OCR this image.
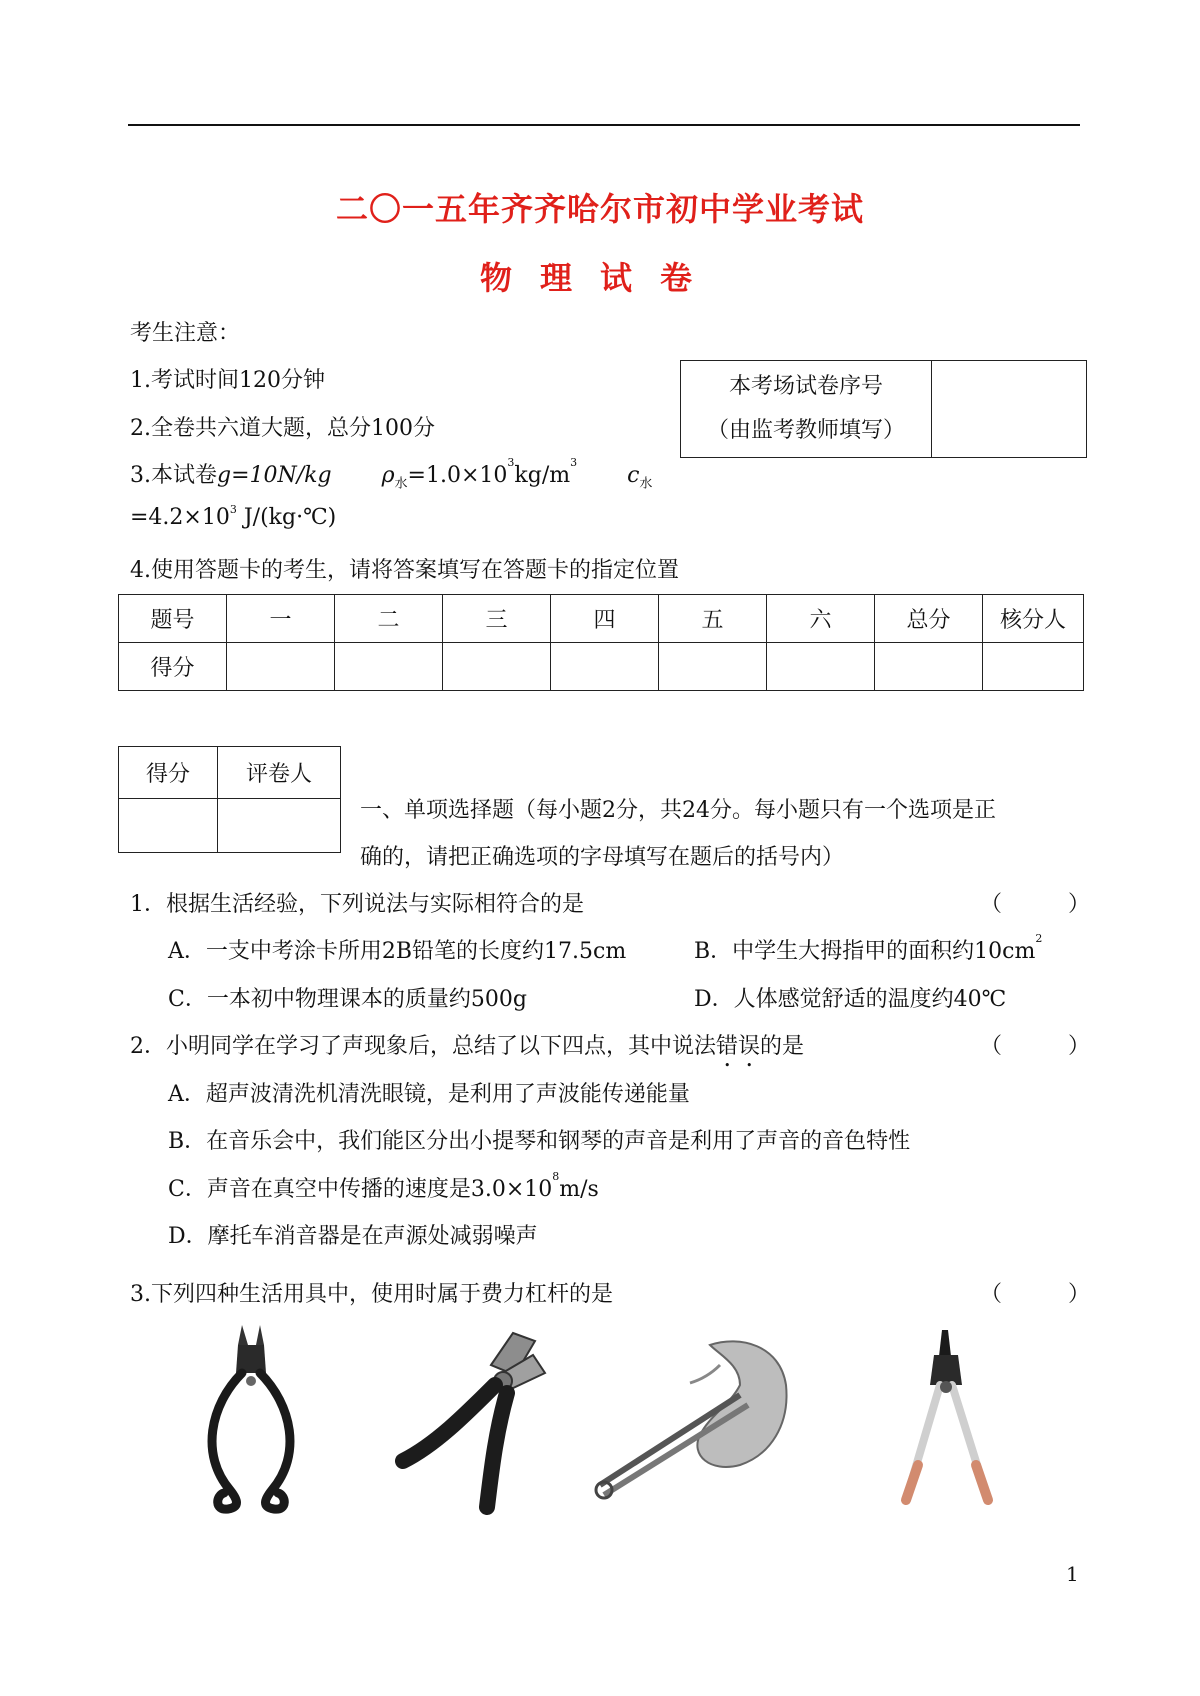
二〇一五年齐齐哈尔市初中学业考试
物理试卷
考生注意：
1.考试时间120分钟
2.全卷共六道大题，总分100分
3.本试卷g=10N/kg $\rho_水=1.0\times 10^3kg/m^3$  $c_水$
$=4.2\times 10^3$ J/(kg·℃)
4.使用答题卡的考生，请将答案填写在答题卡的指定位置
本考场试卷序号
（由监考教师填写）

题号	一	二	三	四	五	六	总分	核分人
得分								
得分	评卷人

一、单项选择题（每小题2分，共24分。每小题只有一个选项是正
确的，请把正确选项的字母填写在题后的括号内）
1．根据生活经验，下列说法与实际相符合的是	（　　　）
A．一支中考涂卡所用2B铅笔的长度约17.5cm	B．中学生大拇指甲的面积约$10cm^2$
C．一本初中物理课本的质量约500g	D．人体感觉舒适的温度约40℃
2．小明同学在学习了声现象后，总结了以下四点，其中说法错误的是	（　　　）
A．超声波清洗机清洗眼镜，是利用了声波能传递能量
B．在音乐会中，我们能区分出小提琴和钢琴的声音是利用了声音的音色特性
C．声音在真空中传播的速度是$3.0\times 10^8m/s$
D．摩托车消音器是在声源处减弱噪声
3.下列四种生活用具中，使用时属于费力杠杆的是	（　　　）
1
